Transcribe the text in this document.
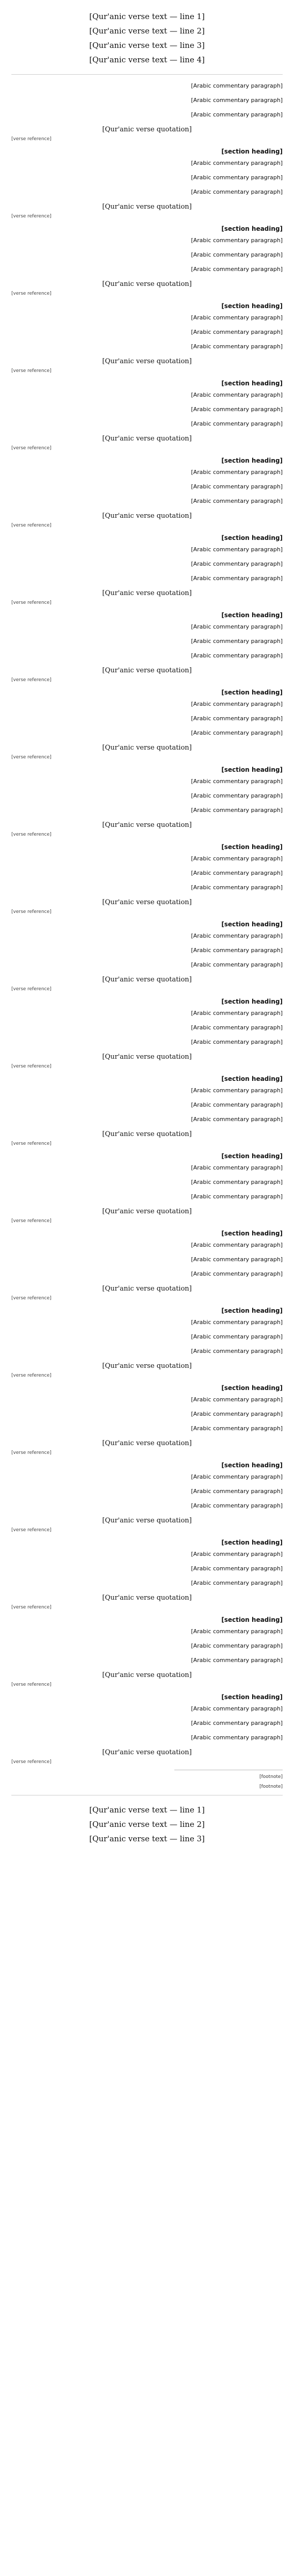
[Qur'anic verse text — line 1]
[Qur'anic verse text — line 2]
[Qur'anic verse text — line 3]
[Qur'anic verse text — line 4]

[Arabic commentary paragraph]

[Arabic commentary paragraph]

[Arabic commentary paragraph]

[Qur'anic verse quotation]
[verse reference]
[section heading]

[Arabic commentary paragraph]

[Arabic commentary paragraph]

[Arabic commentary paragraph]

[Qur'anic verse quotation]
[verse reference]
[section heading]

[Arabic commentary paragraph]

[Arabic commentary paragraph]

[Arabic commentary paragraph]

[Qur'anic verse quotation]
[verse reference]
[section heading]

[Arabic commentary paragraph]

[Arabic commentary paragraph]

[Arabic commentary paragraph]

[Qur'anic verse quotation]
[verse reference]
[section heading]

[Arabic commentary paragraph]

[Arabic commentary paragraph]

[Arabic commentary paragraph]

[Qur'anic verse quotation]
[verse reference]
[section heading]

[Arabic commentary paragraph]

[Arabic commentary paragraph]

[Arabic commentary paragraph]

[Qur'anic verse quotation]
[verse reference]
[section heading]

[Arabic commentary paragraph]

[Arabic commentary paragraph]

[Arabic commentary paragraph]

[Qur'anic verse quotation]
[verse reference]
[section heading]

[Arabic commentary paragraph]

[Arabic commentary paragraph]

[Arabic commentary paragraph]

[Qur'anic verse quotation]
[verse reference]
[section heading]

[Arabic commentary paragraph]

[Arabic commentary paragraph]

[Arabic commentary paragraph]

[Qur'anic verse quotation]
[verse reference]
[section heading]

[Arabic commentary paragraph]

[Arabic commentary paragraph]

[Arabic commentary paragraph]

[Qur'anic verse quotation]
[verse reference]
[section heading]

[Arabic commentary paragraph]

[Arabic commentary paragraph]

[Arabic commentary paragraph]

[Qur'anic verse quotation]
[verse reference]
[section heading]

[Arabic commentary paragraph]

[Arabic commentary paragraph]

[Arabic commentary paragraph]

[Qur'anic verse quotation]
[verse reference]
[section heading]

[Arabic commentary paragraph]

[Arabic commentary paragraph]

[Arabic commentary paragraph]

[Qur'anic verse quotation]
[verse reference]
[section heading]

[Arabic commentary paragraph]

[Arabic commentary paragraph]

[Arabic commentary paragraph]

[Qur'anic verse quotation]
[verse reference]
[section heading]

[Arabic commentary paragraph]

[Arabic commentary paragraph]

[Arabic commentary paragraph]

[Qur'anic verse quotation]
[verse reference]
[section heading]

[Arabic commentary paragraph]

[Arabic commentary paragraph]

[Arabic commentary paragraph]

[Qur'anic verse quotation]
[verse reference]
[section heading]

[Arabic commentary paragraph]

[Arabic commentary paragraph]

[Arabic commentary paragraph]

[Qur'anic verse quotation]
[verse reference]
[section heading]

[Arabic commentary paragraph]

[Arabic commentary paragraph]

[Arabic commentary paragraph]

[Qur'anic verse quotation]
[verse reference]
[section heading]

[Arabic commentary paragraph]

[Arabic commentary paragraph]

[Arabic commentary paragraph]

[Qur'anic verse quotation]
[verse reference]
[section heading]

[Arabic commentary paragraph]

[Arabic commentary paragraph]

[Arabic commentary paragraph]

[Qur'anic verse quotation]
[verse reference]
[section heading]

[Arabic commentary paragraph]

[Arabic commentary paragraph]

[Arabic commentary paragraph]

[Qur'anic verse quotation]
[verse reference]
[section heading]

[Arabic commentary paragraph]

[Arabic commentary paragraph]

[Arabic commentary paragraph]

[Qur'anic verse quotation]
[verse reference]

[footnote]

[footnote]

[Qur'anic verse text — line 1]
[Qur'anic verse text — line 2]
[Qur'anic verse text — line 3]
